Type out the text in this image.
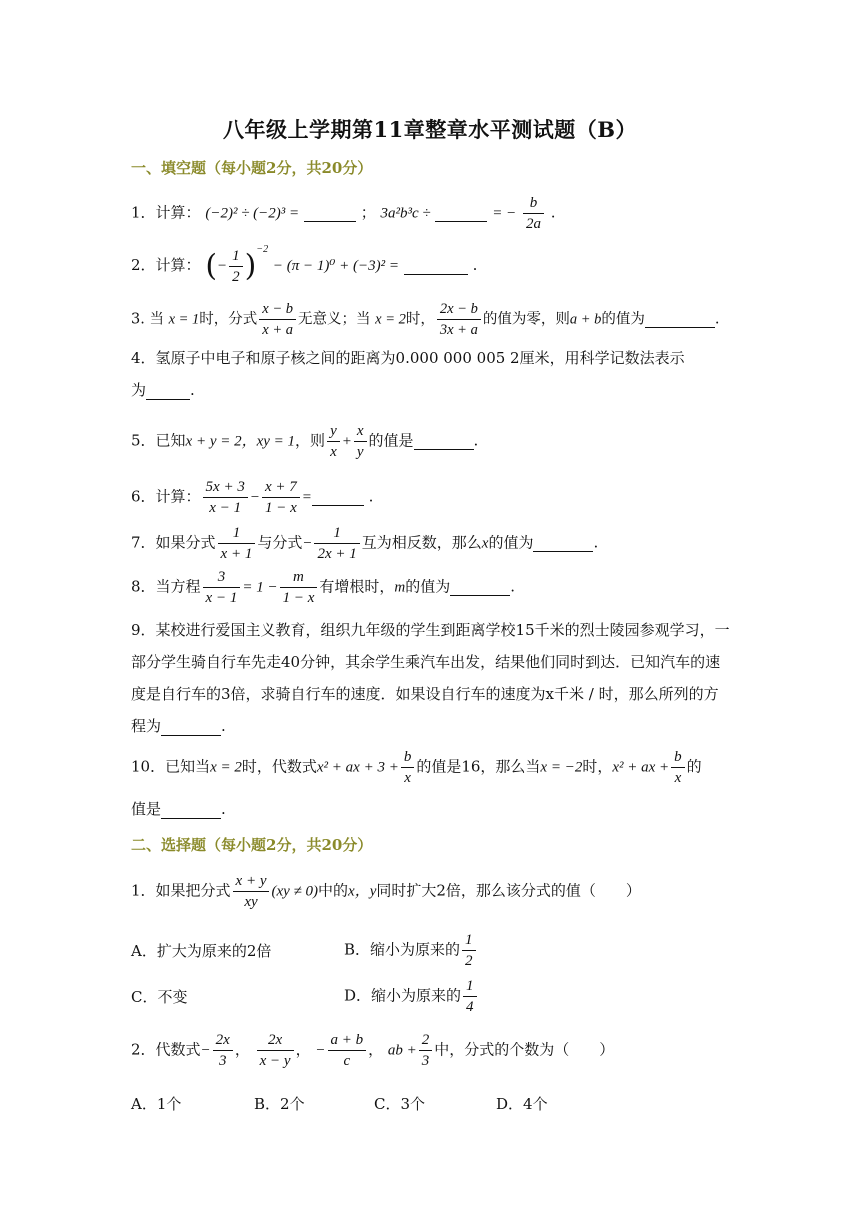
八年级上学期第11章整章水平测试题（B）
一、填空题（每小题2分，共20分）
1．计算： (−2)² ÷ (−2)³ =	； 3a²b³c ÷	= − $\frac{b}{2a}$ .
2．计算： (− $\frac{1}{2} )^{-2} - (\pi - 1)^0 + (-3)^2$ =	.
3. 当 x = 1时，分式 $\frac{x - b}{x + a}$ 无意义；当 x = 2时， $\frac{2x - b}{3x + a}$ 的值为零，则a + b的值为	.
4．氢原子中电子和原子核之间的距离为0.000 000 005 2厘米，用科学记数法表示
为	.
5．已知x + y = 2，xy = 1，则 $\frac{y}{x} + \frac{x}{y}$ 的值是	.
6．计算： $\frac{5x + 3}{x - 1} - \frac{x + 7}{1 - x}$ =	.
7．如果分式 $\frac{1}{x + 1}$ 与分式− $\frac{1}{2x + 1}$ 互为相反数，那么x的值为	.
8．当方程 $\frac{3}{x - 1} = 1 - \frac{m}{1 - x}$ 有增根时，m的值为	.
9．某校进行爱国主义教育，组织九年级的学生到距离学校15千米的烈士陵园参观学习，一
部分学生骑自行车先走40分钟，其余学生乘汽车出发，结果他们同时到达．已知汽车的速
度是自行车的3倍，求骑自行车的速度．如果设自行车的速度为x千米 / 时，那么所列的方
程为	.
10．已知当x = 2时，代数式x² + ax + $3 + \frac{b}{x}$ 的值是16，那么当x = −2时，x² + ax + $\frac{b}{x}$ 的
值是	.
二、选择题（每小题2分，共20分）
1．如果把分式 $\frac{x + y}{xy} (xy \ne 0)$中的x，y同时扩大2倍，那么该分式的值（　　）
A．扩大为原来的2倍	B．缩小为原来的 $\frac{1}{2}$
C．不变	D．缩小为原来的 $\frac{1}{4}$
2．代数式− $\frac{2x}{3}$ ， $\frac{2x}{x - y}$ ， − $\frac{a + b}{c}$ ， ab + $\frac{2}{3}$ 中，分式的个数为（　　）
A．1个	B．2个	C．3个	D．4个
